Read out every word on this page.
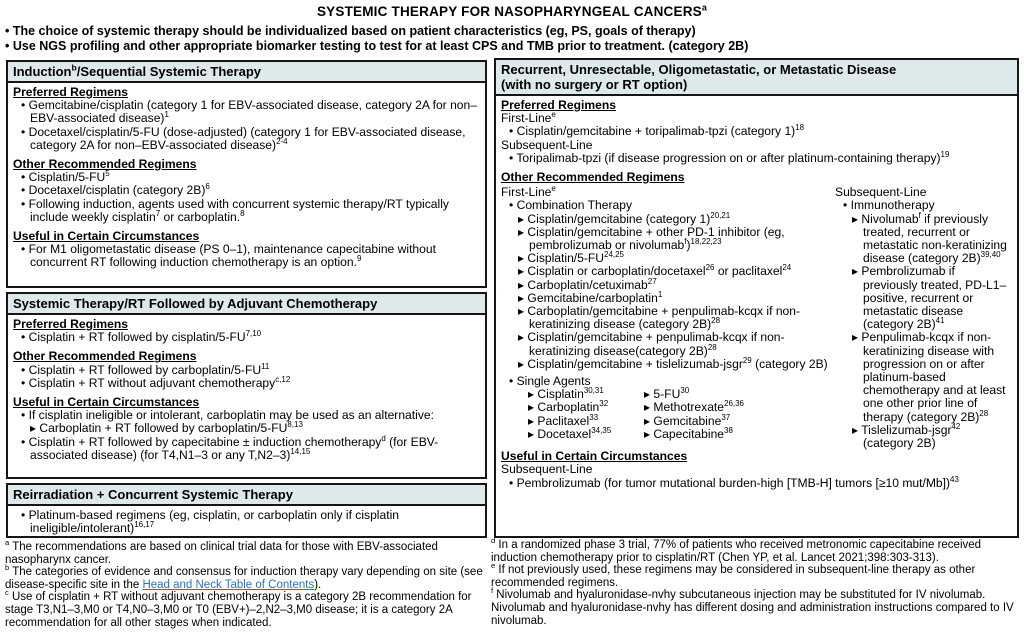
SYSTEMIC THERAPY FOR NASOPHARYNGEAL CANCERS$^a$
• The choice of systemic therapy should be individualized based on patient characteristics (eg, PS, goals of therapy)
• Use NGS profiling and other appropriate biomarker testing to test for at least CPS and TMB prior to treatment. (category 2B)
Induction$^b$/Sequential Systemic Therapy
Preferred Regimens
• Gemcitabine/cisplatin (category 1 for EBV-associated disease, category 2A for non–EBV-associated disease)$^1$
• Docetaxel/cisplatin/5-FU (dose-adjusted) (category 1 for EBV-associated disease, category 2A for non–EBV-associated disease)$^{2-4}$
Other Recommended Regimens
• Cisplatin/$5-FU^5$
• Docetaxel/cisplatin (category 2B)$^6$
• Following induction, agents used with concurrent systemic therapy/RT typically include weekly cisplatin$^7$ or carboplatin.$^8$
Useful in Certain Circumstances
• For M1 oligometastatic disease (PS 0–1), maintenance capecitabine without concurrent RT following induction chemotherapy is an option.$^9$
Systemic Therapy/RT Followed by Adjuvant Chemotherapy
Preferred Regimens
• Cisplatin + RT followed by cisplatin/5-FU$^{7,10}$
Other Recommended Regimens
• Cisplatin + RT followed by carboplatin/5-FU$^{11}$
• Cisplatin + RT without adjuvant chemotherapy$^{c,12}$
Useful in Certain Circumstances
• If cisplatin ineligible or intolerant, carboplatin may be used as an alternative:
▸ Carboplatin + RT followed by carboplatin/5-FU$^{8,13}$
• Cisplatin + RT followed by capecitabine ± induction chemotherapy$^d$ (for EBV-associated disease) (for T4,N1–3 or any T,N2–3)$^{14,15}$
Reirradiation + Concurrent Systemic Therapy
• Platinum-based regimens (eg, cisplatin, or carboplatin only if cisplatin ineligible/intolerant)$^{16,17}$
Recurrent, Unresectable, Oligometastatic, or Metastatic Disease
(with no surgery or RT option)
Preferred Regimens
First-Line$^e$
• Cisplatin/gemcitabine + toripalimab-tpzi (category 1)$^{18}$
Subsequent-Line
• Toripalimab-tpzi (if disease progression on or after platinum-containing therapy)$^{19}$
Other Recommended Regimens
First-Line$^e$
• Combination Therapy
▸ Cisplatin/gemcitabine (category 1)$^{20,21}$
▸ Cisplatin/gemcitabine + other PD-1 inhibitor (eg, pembrolizumab or nivolumab$^f$)$^{18,22,23}$
▸ Cisplatin/5-FU$^{24,25}$
▸ Cisplatin or carboplatin/docetaxel$^{26}$ or paclitaxel$^{24}$
▸ Carboplatin/cetuximab$^{27}$
▸ Gemcitabine/carboplatin$^1$
▸ Carboplatin/gemcitabine + penpulimab-kcqx if non-keratinizing disease (category 2B)$^{28}$
▸ Cisplatin/gemcitabine + penpulimab-kcqx if non-keratinizing disease(category 2B)$^{28}$
▸ Cisplatin/gemcitabine + tislelizumab-jsgr$^{29}$ (category 2B)
• Single Agents
▸ Cisplatin$^{30,31}$
▸ Carboplatin$^{32}$
▸ Paclitaxel$^{33}$
▸ Docetaxel$^{34,35}$
▸ 5-FU$^{30}$
▸ Methotrexate$^{26,36}$
▸ Gemcitabine$^{37}$
▸ Capecitabine$^{38}$
Subsequent-Line
• Immunotherapy
▸ Nivolumab$^f$ if previously treated, recurrent or metastatic non-keratinizing disease (category 2B)$^{39,40}$
▸ Pembrolizumab if previously treated, PD-L1–positive, recurrent or metastatic disease (category 2B)$^{41}$
▸ Penpulimab-kcqx if non-keratinizing disease with progression on or after platinum-based chemotherapy and at least one other prior line of therapy (category 2B)$^{28}$
▸ Tislelizumab-jsgr$^{42}$ (category 2B)
Useful in Certain Circumstances
Subsequent-Line
• Pembrolizumab (for tumor mutational burden-high [TMB-H] tumors [≥10 mut/Mb])$^{43}$
$^a$ The recommendations are based on clinical trial data for those with EBV-associated nasopharynx cancer.
$^b$ The categories of evidence and consensus for induction therapy vary depending on site (see disease-specific site in the Head and Neck Table of Contents).
$^c$ Use of cisplatin + RT without adjuvant chemotherapy is a category 2B recommendation for stage T3,N1–3,M0 or T4,N0–3,M0 or T0 (EBV+)–2,N2–3,M0 disease; it is a category 2A recommendation for all other stages when indicated.
$^d$ In a randomized phase 3 trial, 77% of patients who received metronomic capecitabine received induction chemotherapy prior to cisplatin/RT (Chen YP, et al. Lancet 2021;398:303-313).
$^e$ If not previously used, these regimens may be considered in subsequent-line therapy as other recommended regimens.
$^f$ Nivolumab and hyaluronidase-nvhy subcutaneous injection may be substituted for IV nivolumab. Nivolumab and hyaluronidase-nvhy has different dosing and administration instructions compared to IV nivolumab.
